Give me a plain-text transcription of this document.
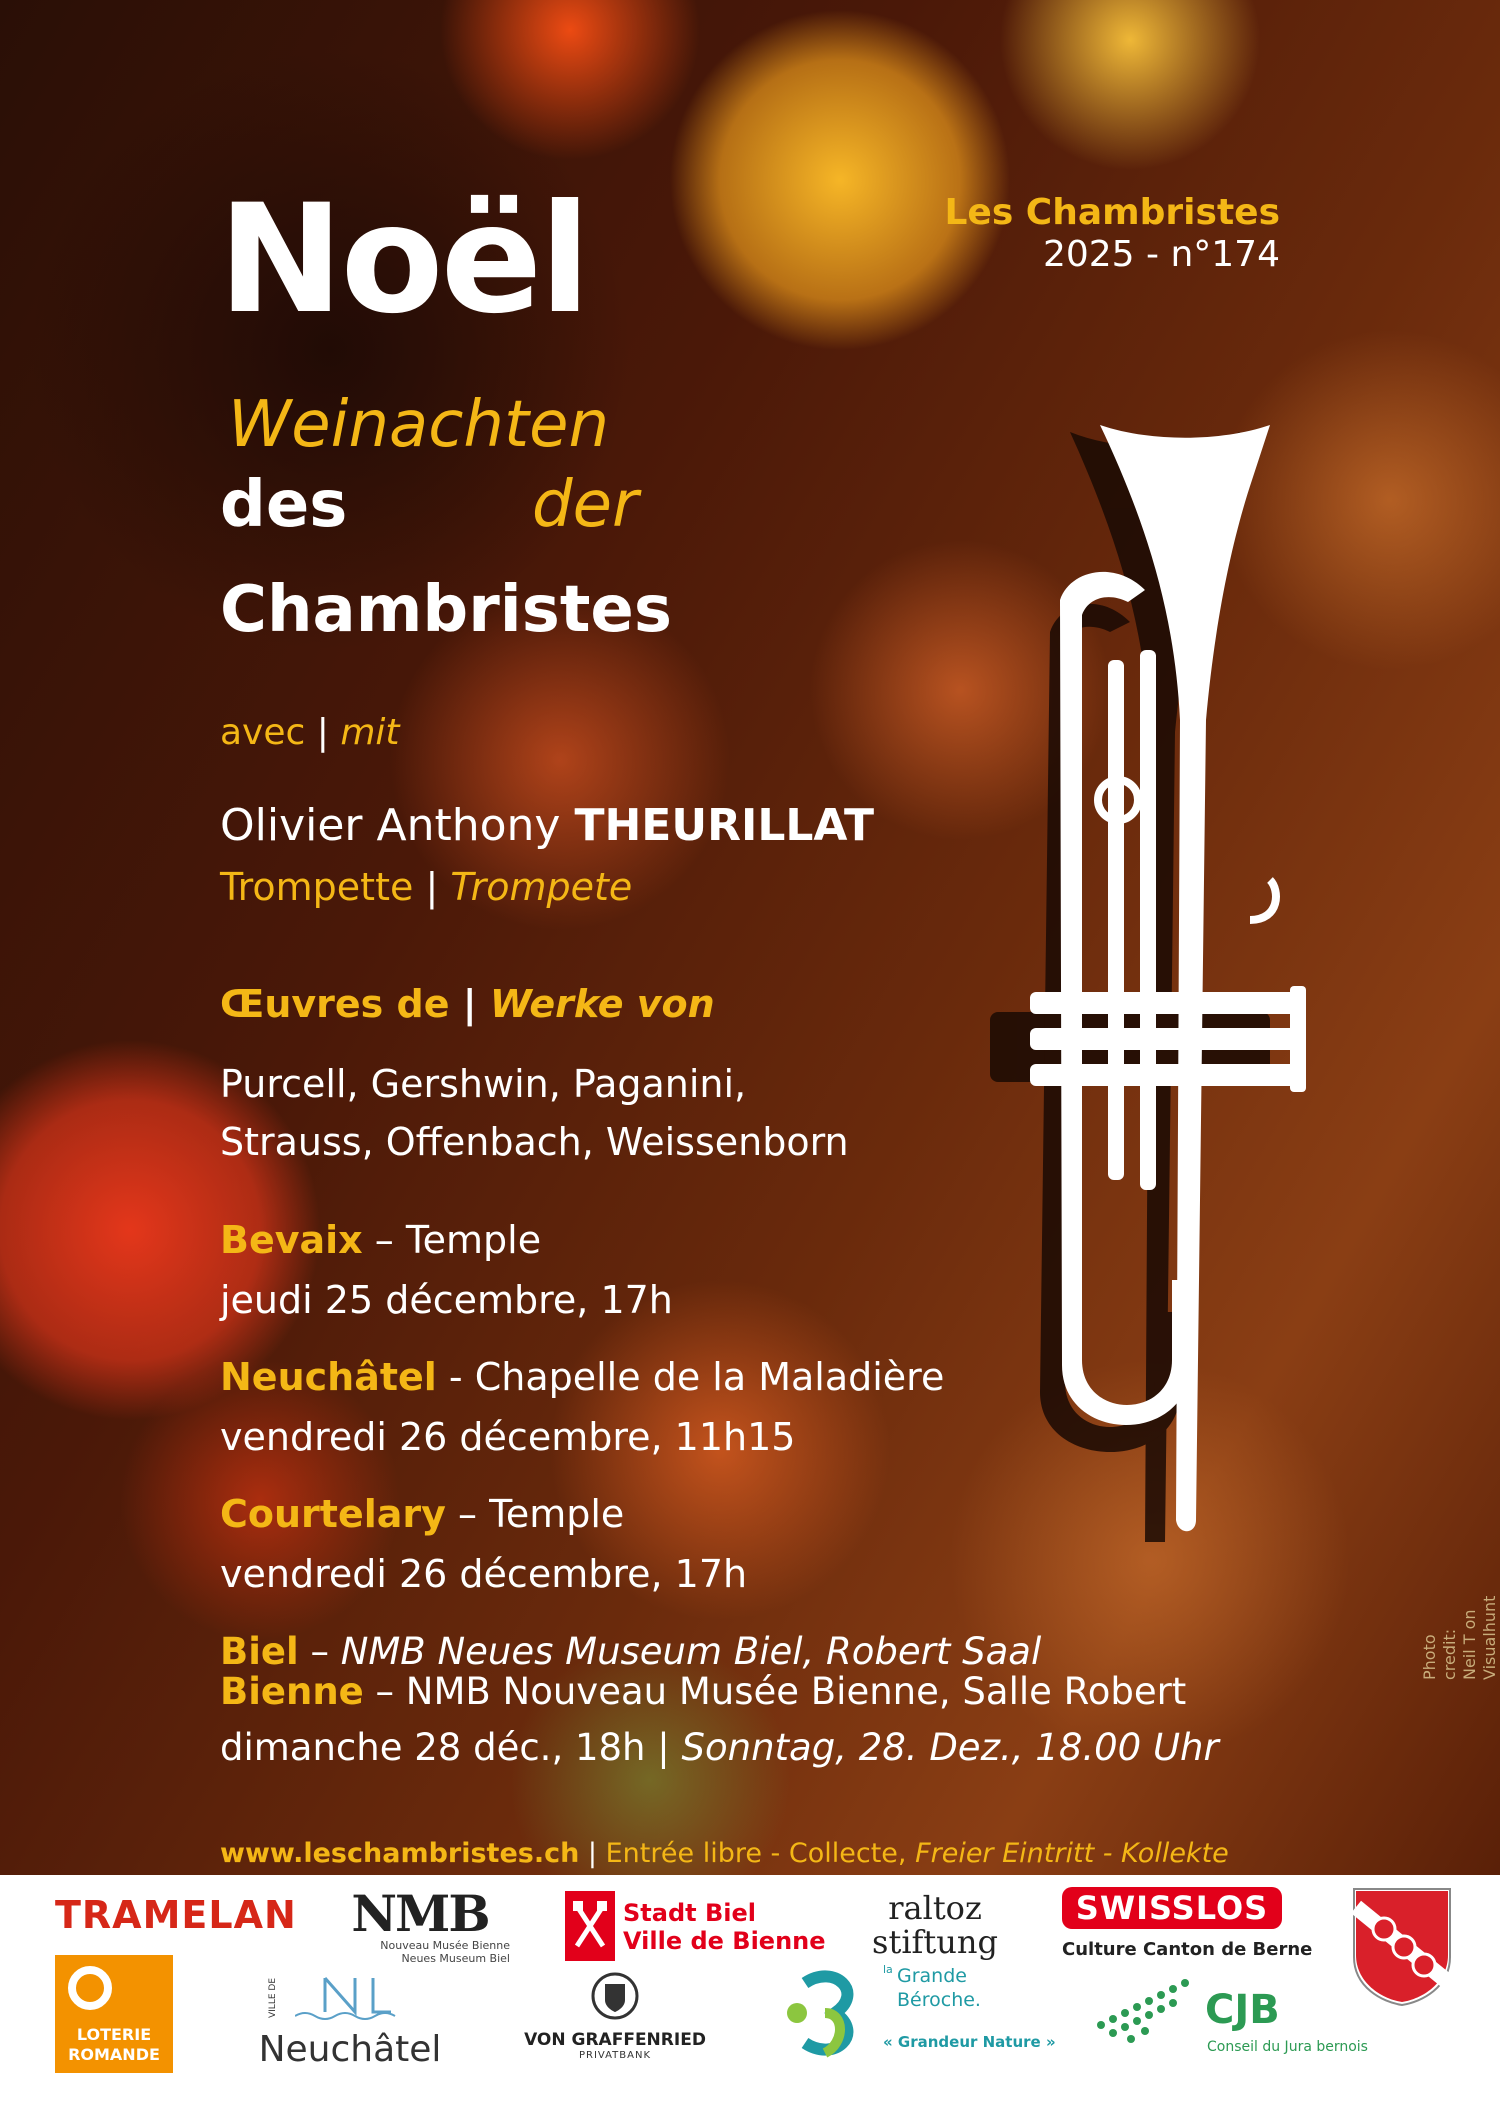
Les Chambristes
2025 - n°174
Noël
Weinachten
des	der
Chambristes
avec | mit
Olivier Anthony THEURILLAT
Trompette | Trompete
Œuvres de | Werke von
Purcell, Gershwin, Paganini,
Strauss, Offenbach, Weissenborn
Bevaix – Temple
jeudi 25 décembre, 17h
Neuchâtel - Chapelle de la Maladière
vendredi 26 décembre, 11h15
Courtelary – Temple
vendredi 26 décembre, 17h
Biel – NMB Neues Museum Biel, Robert Saal
Bienne – NMB Nouveau Musée Bienne, Salle Robert
dimanche 28 déc., 18h | Sonntag, 28. Dez., 18.00 Uhr
www.leschambristes.ch | Entrée libre - Collecte, Freier Eintritt - Kollekte
Photo credit: Neil T on Visualhunt
TRAMELAN	NMB
Nouveau Musée Bienne
Neues Museum Biel
Stadt Biel
Ville de Bienne
raltoz
stiftung
SWISSLOS
Culture Canton de Berne
LOTERIE
ROMANDE
VILLE DE
Neuchâtel	VON GRAFFENRIED
PRIVATBANK
la Grande
Béroche.
« Grandeur Nature »
CJB
Conseil du Jura bernois
